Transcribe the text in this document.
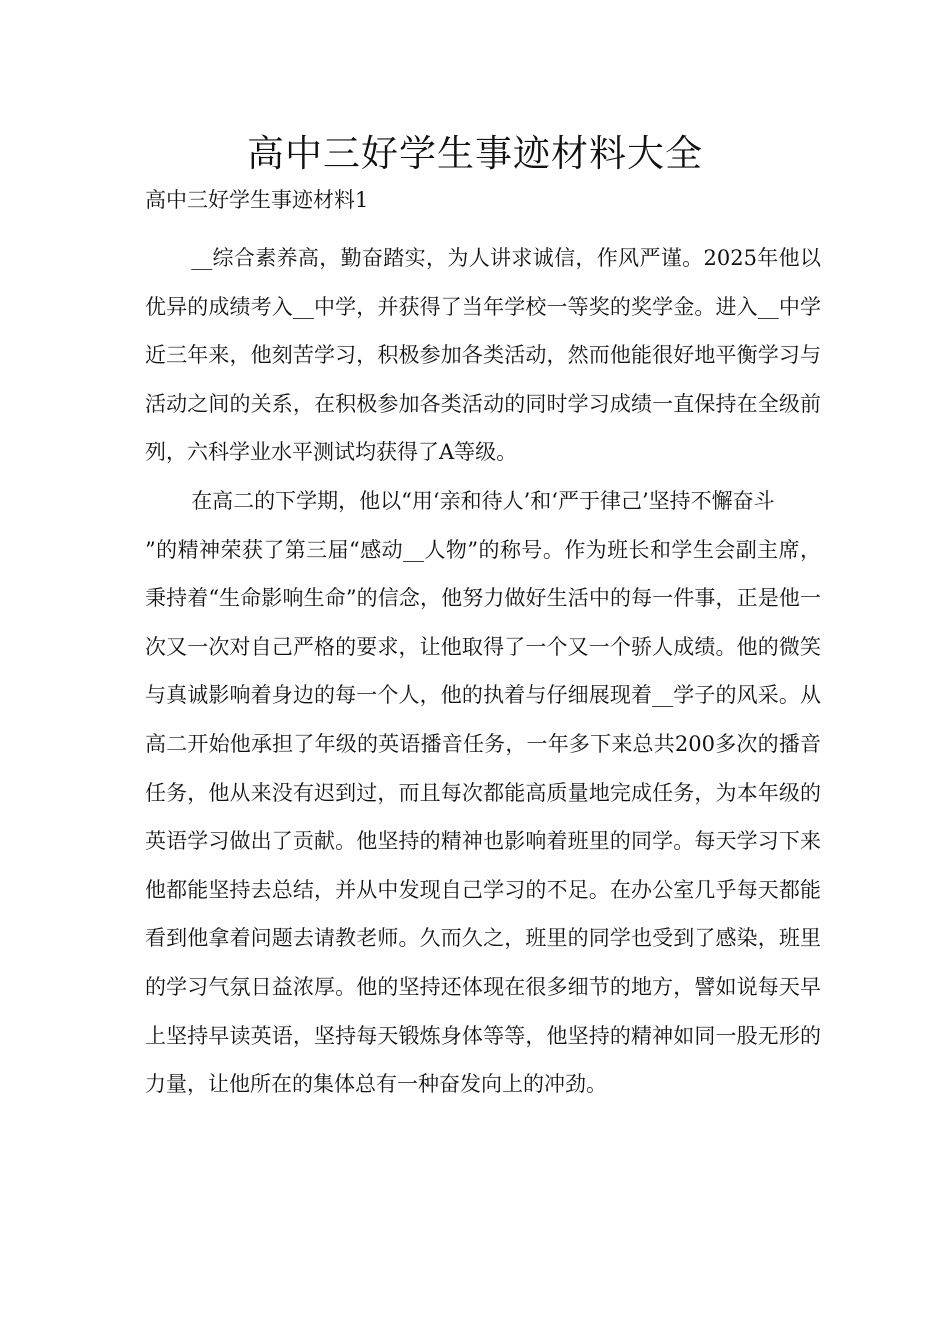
高中三好学生事迹材料大全

高中三好学生事迹材料1

__综合素养高，勤奋踏实，为人讲求诚信，作风严谨。2025年他以优异的成绩考入__中学，并获得了当年学校一等奖的奖学金。进入__中学近三年来，他刻苦学习，积极参加各类活动，然而他能很好地平衡学习与活动之间的关系，在积极参加各类活动的同时学习成绩一直保持在全级前列，六科学业水平测试均获得了A等级。

在高二的下学期，他以“用‘亲和待人’和‘严于律己’坚持不懈奋斗

”的精神荣获了第三届“感动__人物”的称号。作为班长和学生会副主席，秉持着“生命影响生命”的信念，他努力做好生活中的每一件事，正是他一次又一次对自己严格的要求，让他取得了一个又一个骄人成绩。他的微笑与真诚影响着身边的每一个人，他的执着与仔细展现着__学子的风采。从高二开始他承担了年级的英语播音任务，一年多下来总共200多次的播音任务，他从来没有迟到过，而且每次都能高质量地完成任务，为本年级的英语学习做出了贡献。他坚持的精神也影响着班里的同学。每天学习下来他都能坚持去总结，并从中发现自己学习的不足。在办公室几乎每天都能看到他拿着问题去请教老师。久而久之，班里的同学也受到了感染，班里的学习气氛日益浓厚。他的坚持还体现在很多细节的地方，譬如说每天早上坚持早读英语，坚持每天锻炼身体等等，他坚持的精神如同一股无形的力量，让他所在的集体总有一种奋发向上的冲劲。
